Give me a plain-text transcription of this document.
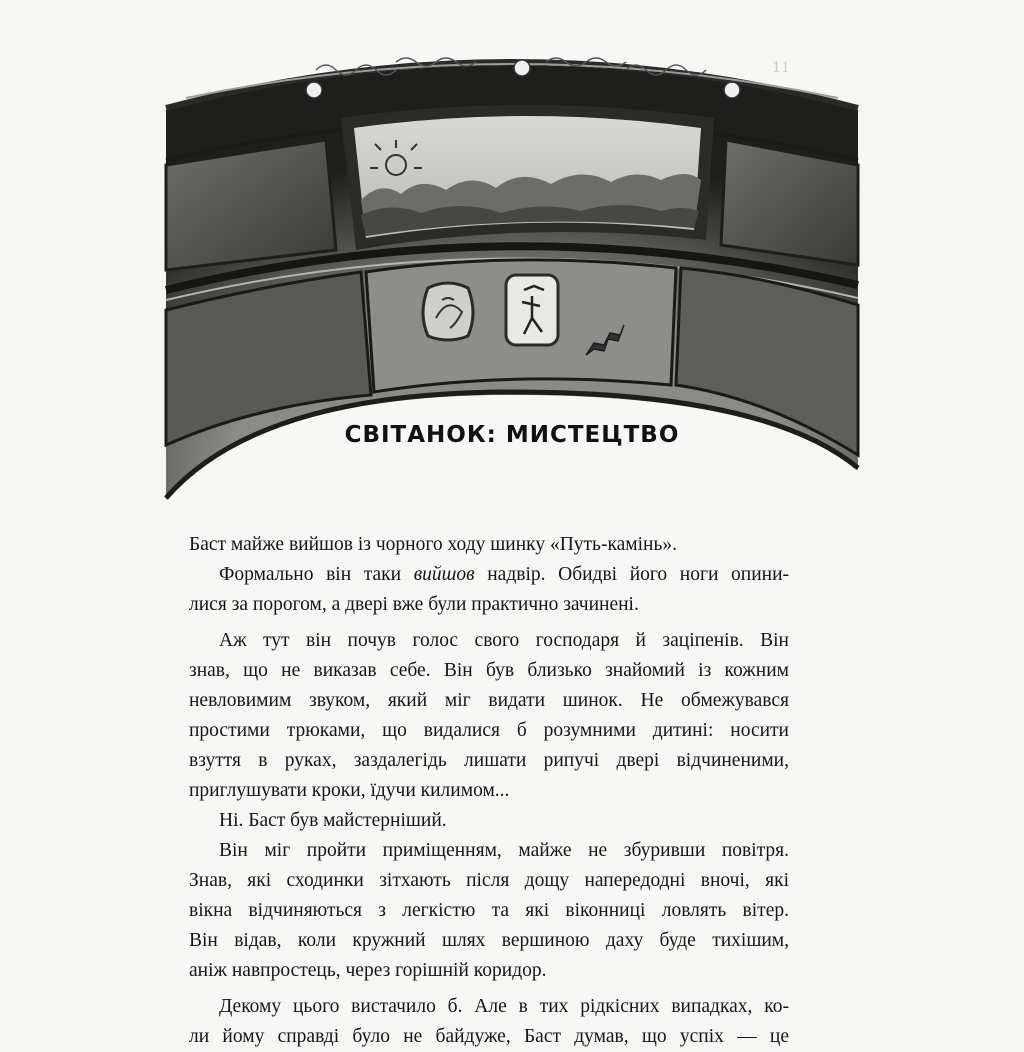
11
СВІТАНОК: МИСТЕЦТВО
Баст майже вийшов із чорного ходу шинку «Путь-камінь».
Формально він таки вийшов надвір. Обидві його ноги опини-
лися за порогом, а двері вже були практично зачинені.
Аж тут він почув голос свого господаря й заціпенів. Він
знав, що не виказав себе. Він був близько знайомий із кожним
невловимим звуком, який міг видати шинок. Не обмежувався
простими трюками, що видалися б розумними дитині: носити
взуття в руках, заздалегідь лишати рипучі двері відчиненими,
приглушувати кроки, їдучи килимом...
Ні. Баст був майстерніший.
Він міг пройти приміщенням, майже не збуривши повітря.
Знав, які сходинки зітхають після дощу напередодні вночі, які
вікна відчиняються з легкістю та які віконниці ловлять вітер.
Він відав, коли кружний шлях вершиною даху буде тихішим,
аніж навпростець, через горішній коридор.
Декому цього вистачило б. Але в тих рідкісних випадках, ко-
ли йому справді було не байдуже, Баст думав, що успіх — це
